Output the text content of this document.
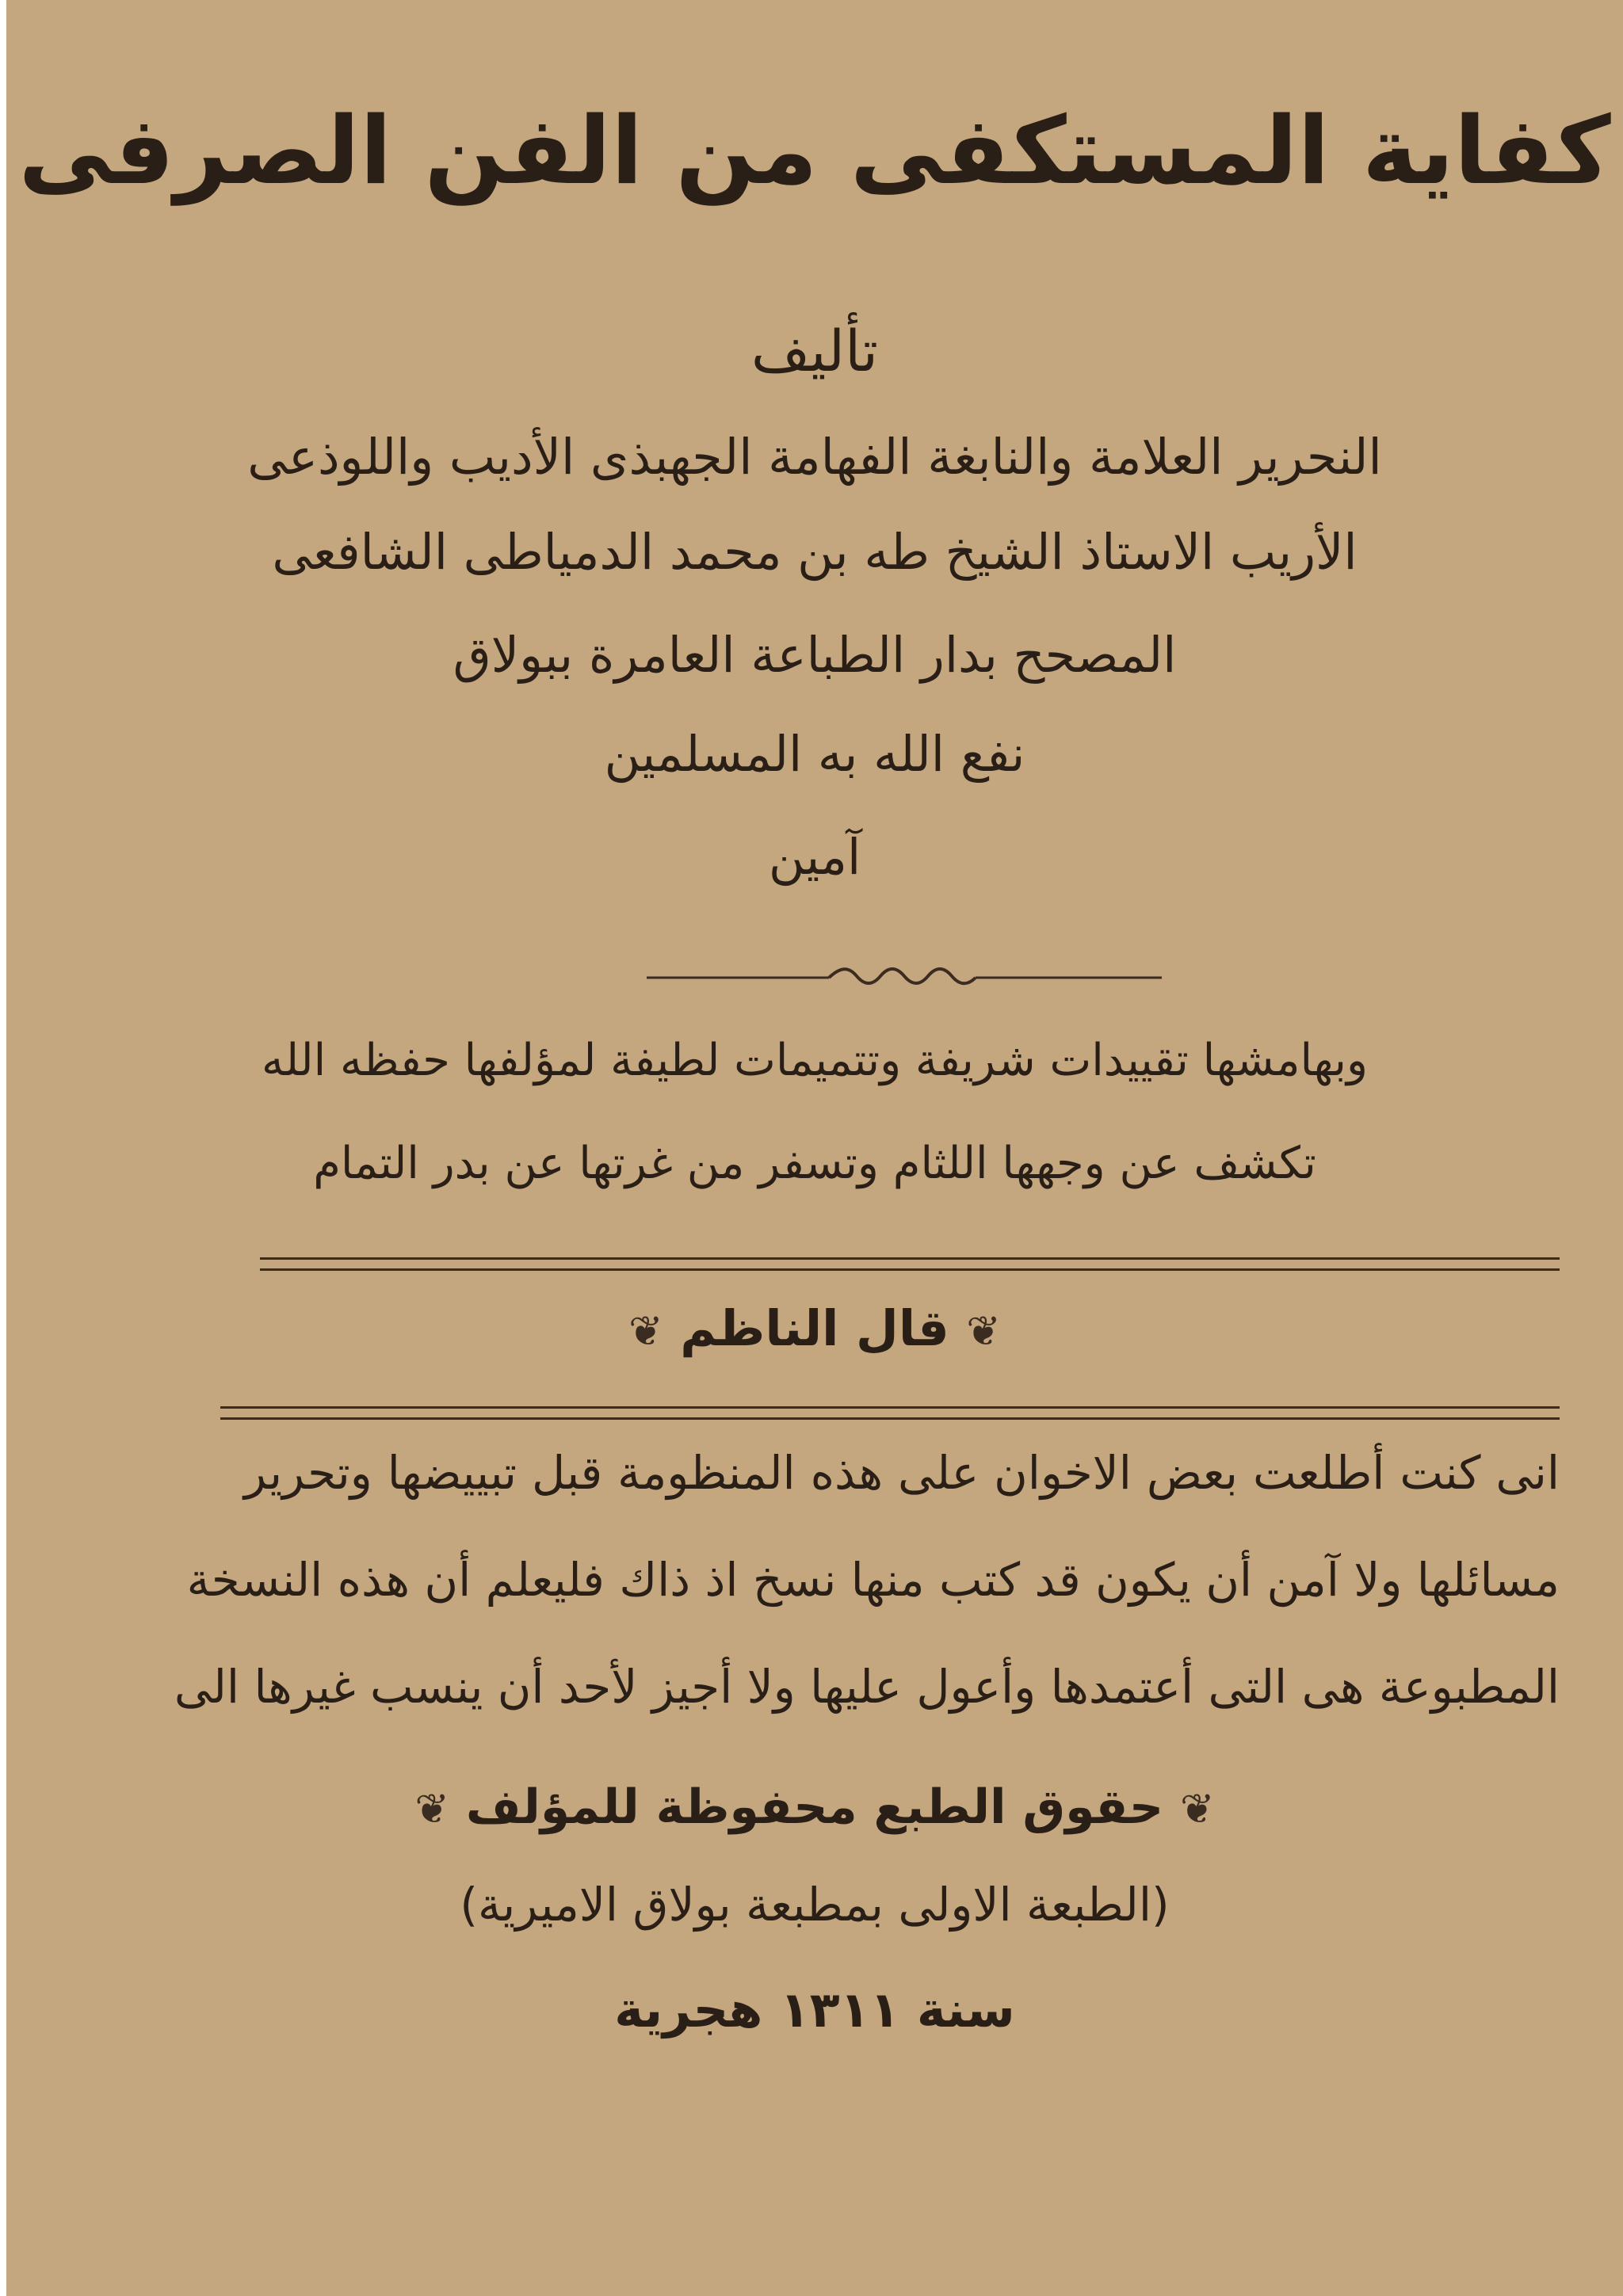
كفاية المستكفى من الفن الصرفى
تأليف
النحرير العلامة والنابغة الفهامة الجهبذى الأديب واللوذعى
الأريب الاستاذ الشيخ طه بن محمد الدمياطى الشافعى
المصحح بدار الطباعة العامرة ببولاق
نفع الله به المسلمين
آمين
وبهامشها تقييدات شريفة وتتميمات لطيفة لمؤلفها حفظه الله
تكشف عن وجهها اللثام وتسفر من غرتها عن بدر التمام
❦ قال الناظم ❦
انى كنت أطلعت بعض الاخوان على هذه المنظومة قبل تبييضها وتحرير
مسائلها ولا آمن أن يكون قد كتب منها نسخ اذ ذاك فليعلم أن هذه النسخة
المطبوعة هى التى أعتمدها وأعول عليها ولا أجيز لأحد أن ينسب غيرها الى
❦ حقوق الطبع محفوظة للمؤلف ❦
(الطبعة الاولى بمطبعة بولاق الاميرية)
سنة ١٣١١ هجرية
